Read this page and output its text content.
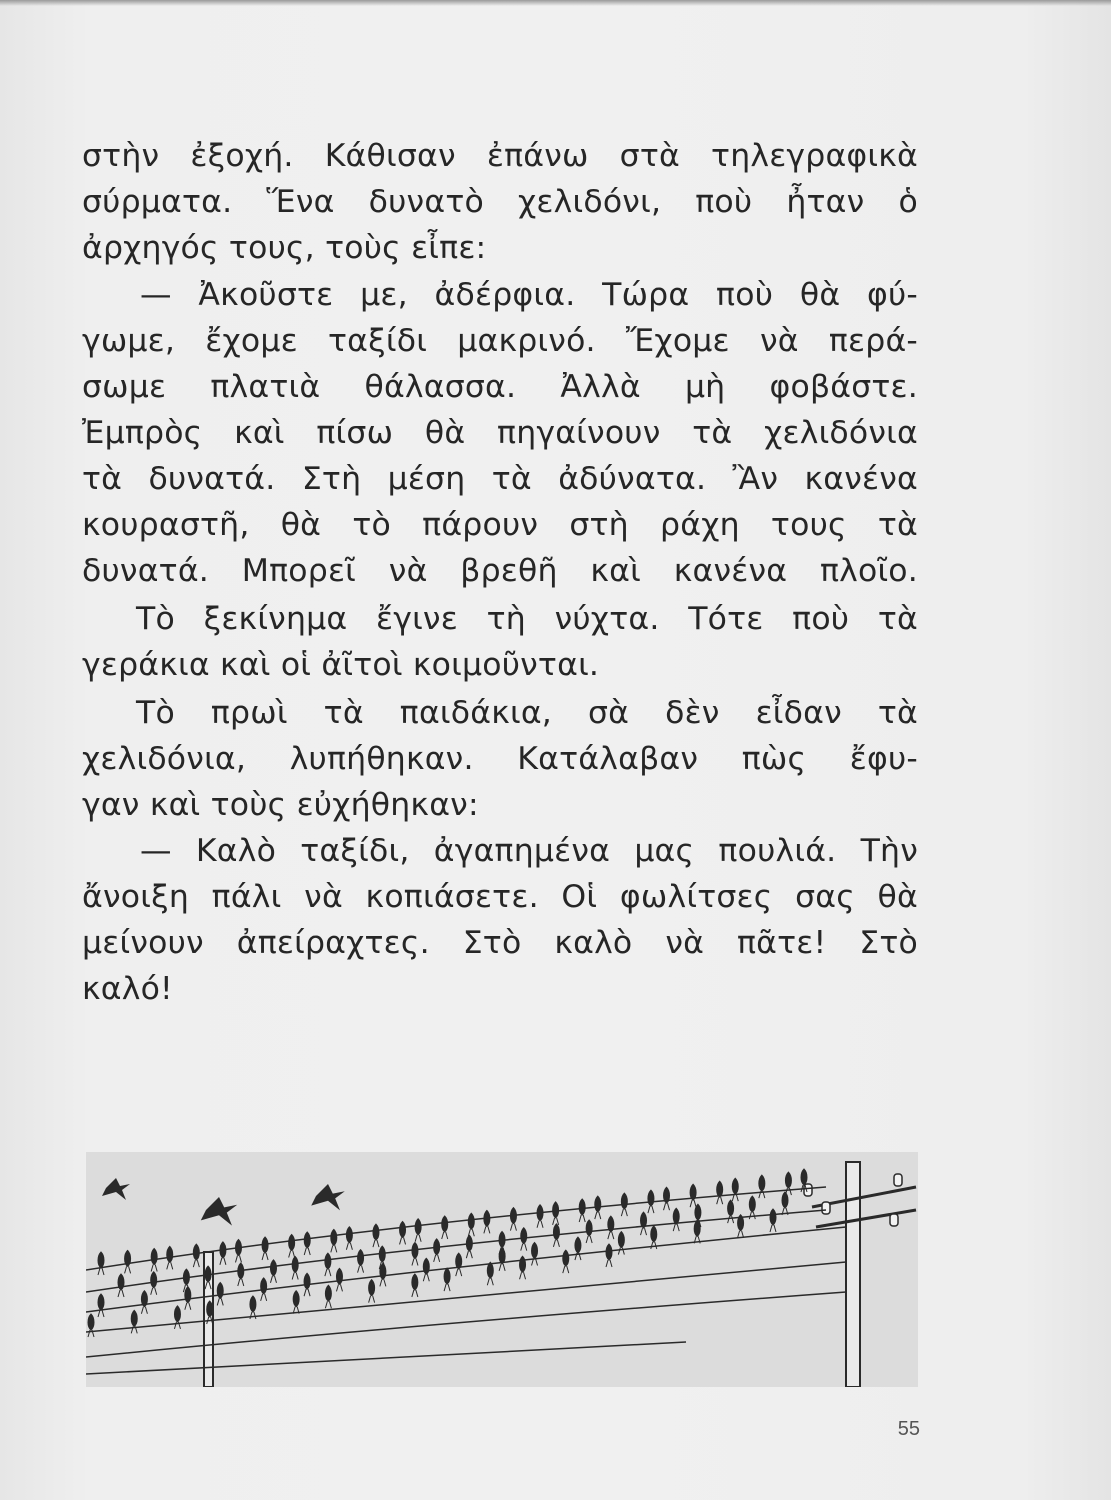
στὴν ἐξοχή. Κάθισαν ἐπάνω στὰ τηλεγραφικὰ
σύρματα. Ἕνα δυνατὸ χελιδόνι, ποὺ ἦταν ὁ
ἀρχηγός τους, τοὺς εἶπε:
— Ἀκοῦστε με, ἀδέρφια. Τώρα ποὺ θὰ φύ-
γωμε, ἔχομε ταξίδι μακρινό. Ἔχομε νὰ περά-
σωμε πλατιὰ θάλασσα. Ἀλλὰ μὴ φοβάστε.
Ἐμπρὸς καὶ πίσω θὰ πηγαίνουν τὰ χελιδόνια
τὰ δυνατά. Στὴ μέση τὰ ἀδύνατα. Ἂν κανένα
κουραστῆ, θὰ τὸ πάρουν στὴ ράχη τους τὰ
δυνατά. Μπορεῖ νὰ βρεθῆ καὶ κανένα πλοῖο.
Τὸ ξεκίνημα ἔγινε τὴ νύχτα. Τότε ποὺ τὰ
γεράκια καὶ οἱ ἀῖτοὶ κοιμοῦνται.
Τὸ πρωὶ τὰ παιδάκια, σὰ δὲν εἶδαν τὰ
χελιδόνια, λυπήθηκαν. Κατάλαβαν πὼς ἔφυ-
γαν καὶ τοὺς εὐχήθηκαν:
— Καλὸ ταξίδι, ἀγαπημένα μας πουλιά. Τὴν
ἄνοιξη πάλι νὰ κοπιάσετε. Οἱ φωλίτσες σας θὰ
μείνουν ἀπείραχτες. Στὸ καλὸ νὰ πᾶτε! Στὸ
καλό!
55
